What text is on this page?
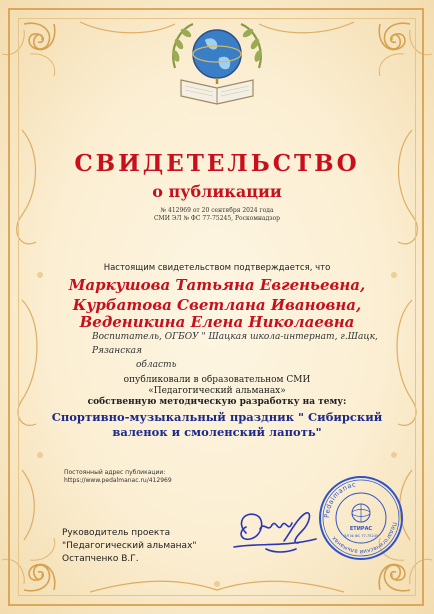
СВИДЕТЕЛЬСТВО
о публикации
№ 412969 от 20 сентября 2024 года
СМИ ЭЛ № ФС 77-75245, Роскомнадзор
Настоящим свидетельством подтверждается, что
Маркушова Татьяна Евгеньевна,
Курбатова Светлана Ивановна,
Веденикина Елена Николаевна
Воспитатель, ОГБОУ " Шацкая школа-интернат, г.Шацк, Рязанская
область
опубликовали в образовательном СМИ
«Педагогический альманах»
собственную методическую разработку на тему:
Спортивно-музыкальный праздник " Сибирский
валенок и смоленский лапоть"
Постоянный адрес публикации:
https://www.pedalmanac.ru/412969
Руководитель проекта
"Педагогический альманах"
Остапченко В.Г.
Pedalmanac
Педагогический альманах
ЕТИРАС
ЭЛ № ФС 77-75245
